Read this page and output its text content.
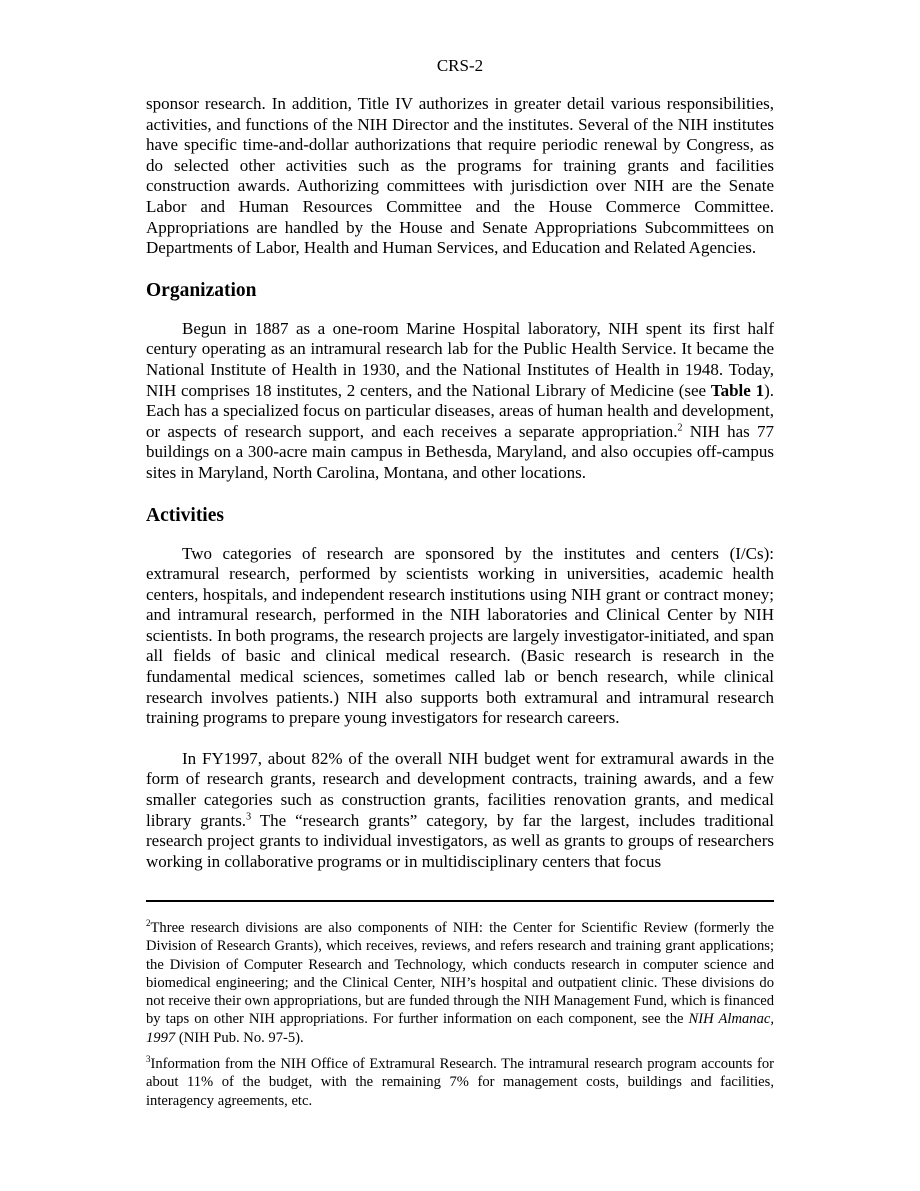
CRS-2

sponsor research. In addition, Title IV authorizes in greater detail various responsibilities, activities, and functions of the NIH Director and the institutes. Several of the NIH institutes have specific time-and-dollar authorizations that require periodic renewal by Congress, as do selected other activities such as the programs for training grants and facilities construction awards. Authorizing committees with jurisdiction over NIH are the Senate Labor and Human Resources Committee and the House Commerce Committee. Appropriations are handled by the House and Senate Appropriations Subcommittees on Departments of Labor, Health and Human Services, and Education and Related Agencies.

Organization

Begun in 1887 as a one-room Marine Hospital laboratory, NIH spent its first half century operating as an intramural research lab for the Public Health Service. It became the National Institute of Health in 1930, and the National Institutes of Health in 1948. Today, NIH comprises 18 institutes, 2 centers, and the National Library of Medicine (see Table 1). Each has a specialized focus on particular diseases, areas of human health and development, or aspects of research support, and each receives a separate appropriation.$^2$ NIH has 77 buildings on a 300-acre main campus in Bethesda, Maryland, and also occupies off-campus sites in Maryland, North Carolina, Montana, and other locations.

Activities

Two categories of research are sponsored by the institutes and centers (I/Cs): extramural research, performed by scientists working in universities, academic health centers, hospitals, and independent research institutions using NIH grant or contract money; and intramural research, performed in the NIH laboratories and Clinical Center by NIH scientists. In both programs, the research projects are largely investigator-initiated, and span all fields of basic and clinical medical research. (Basic research is research in the fundamental medical sciences, sometimes called lab or bench research, while clinical research involves patients.) NIH also supports both extramural and intramural research training programs to prepare young investigators for research careers.

In FY1997, about 82% of the overall NIH budget went for extramural awards in the form of research grants, research and development contracts, training awards, and a few smaller categories such as construction grants, facilities renovation grants, and medical library grants.$^3$ The “research grants” category, by far the largest, includes traditional research project grants to individual investigators, as well as grants to groups of researchers working in collaborative programs or in multidisciplinary centers that focus

$^2$Three research divisions are also components of NIH: the Center for Scientific Review (formerly the Division of Research Grants), which receives, reviews, and refers research and training grant applications; the Division of Computer Research and Technology, which conducts research in computer science and biomedical engineering; and the Clinical Center, NIH’s hospital and outpatient clinic. These divisions do not receive their own appropriations, but are funded through the NIH Management Fund, which is financed by taps on other NIH appropriations. For further information on each component, see the NIH Almanac, 1997 (NIH Pub. No. 97-5).

$^3$Information from the NIH Office of Extramural Research. The intramural research program accounts for about 11% of the budget, with the remaining 7% for management costs, buildings and facilities, interagency agreements, etc.
